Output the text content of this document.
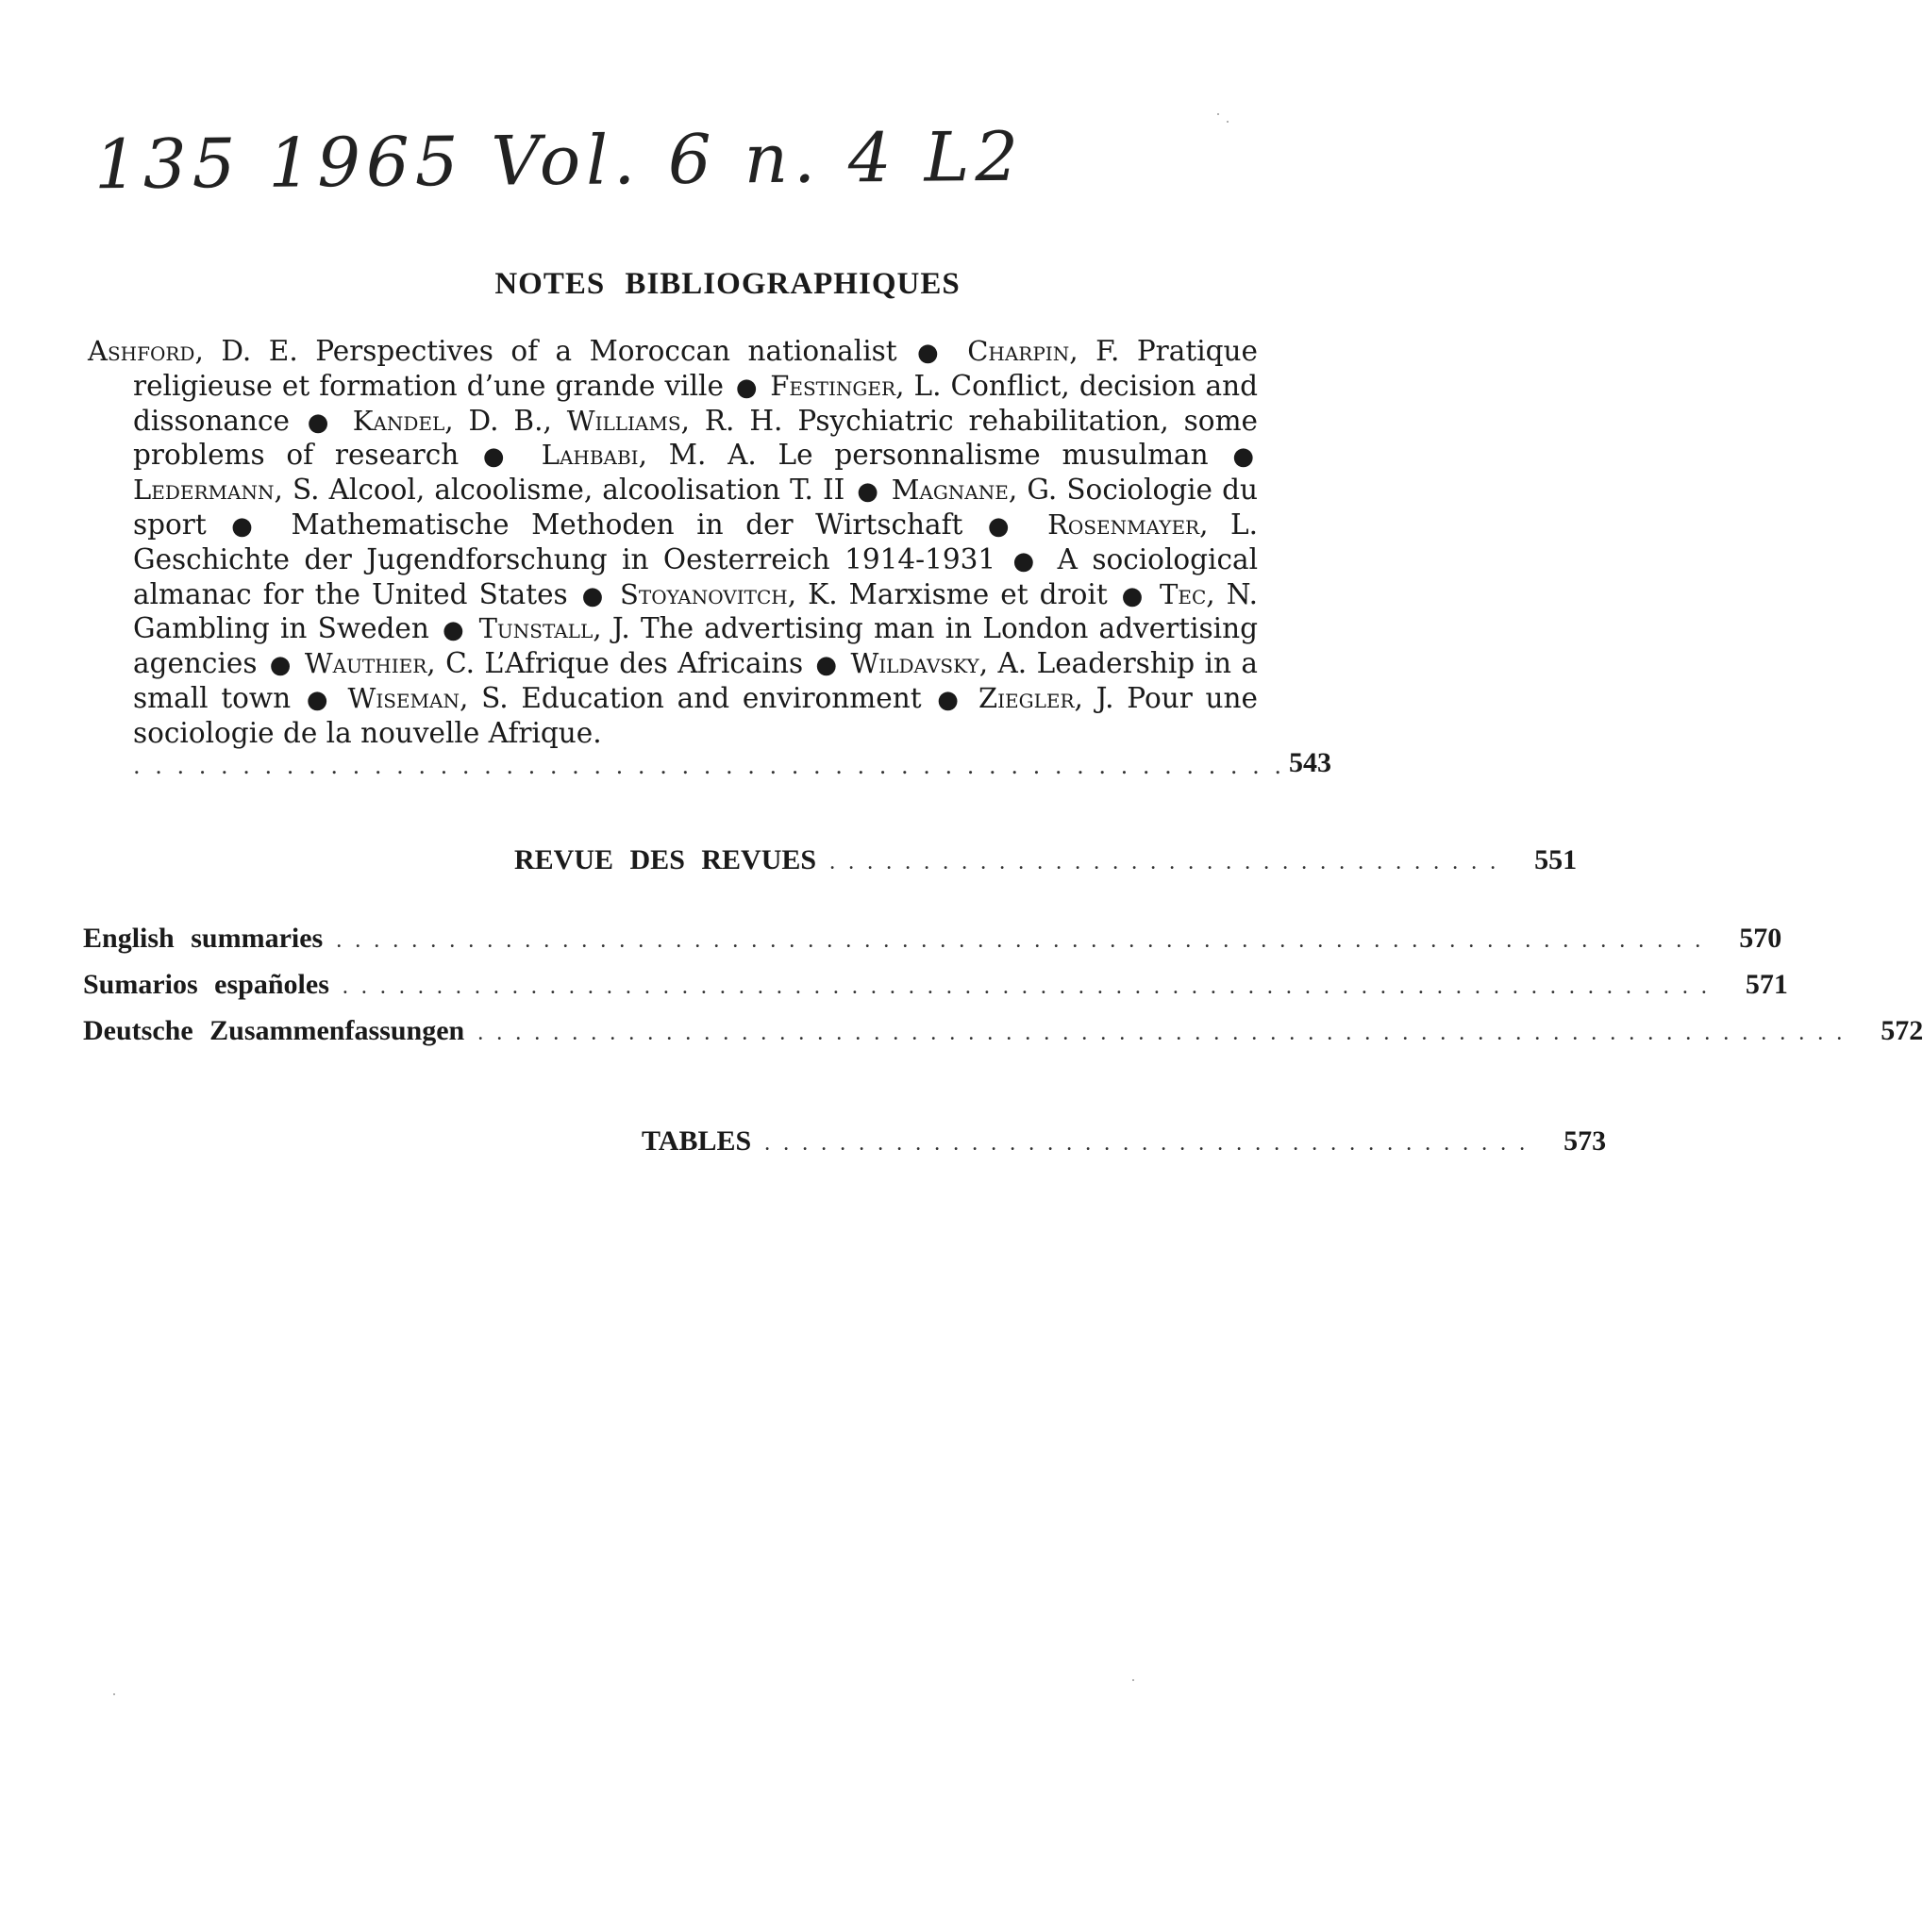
135 1965 Vol. 6 n. 4 L2
NOTES BIBLIOGRAPHIQUES
Ashford, D. E. Perspectives of a Moroccan nationalist ● Charpin, F. Pratique religieuse et formation d’une grande ville ● Festinger, L. Conflict, decision and dissonance ● Kandel, D. B., Williams, R. H. Psychiatric rehabilitation, some problems of research ● Lahbabi, M. A. Le personnalisme musulman ● Ledermann, S. Alcool, alcoolisme, alcoolisation T. II ● Magnane, G. Sociologie du sport ● Mathematische Methoden in der Wirtschaft ● Rosenmayer, L. Geschichte der Jugendforschung in Oesterreich 1914-1931 ● A sociological almanac for the United States ● Stoyanovitch, K. Marxisme et droit ● Tec, N. Gambling in Sweden ● Tunstall, J. The advertising man in London advertising agencies ● Wauthier, C. L’Afrique des Africains ● Wildavsky, A. Leadership in a small town ● Wiseman, S. Education and environment ● Ziegler, J. Pour une sociologie de la nouvelle Afrique.
. . . . . . . . . . . . . . . . . . . . . . . . . . . . . . . . . . . . . . . . . . . . . . . . . . . . . 543
REVUE DES REVUES . . . . . . . . . . . . . . . . . . . . . . . . . . . . . . . . . . . .	551
English summaries . . . . . . . . . . . . . . . . . . . . . . . . . . . . . . . . . . . . . . . . . . . . . . . . . . . . . . . . . . . . . . . . . . . . . . . . .	570
Sumarios españoles . . . . . . . . . . . . . . . . . . . . . . . . . . . . . . . . . . . . . . . . . . . . . . . . . . . . . . . . . . . . . . . . . . . . . . . . .	571
Deutsche Zusammenfassungen . . . . . . . . . . . . . . . . . . . . . . . . . . . . . . . . . . . . . . . . . . . . . . . . . . . . . . . . . . . . . . . . . . . . . . . . .	572
TABLES . . . . . . . . . . . . . . . . . . . . . . . . . . . . . . . . . . . . . . . . .	573
